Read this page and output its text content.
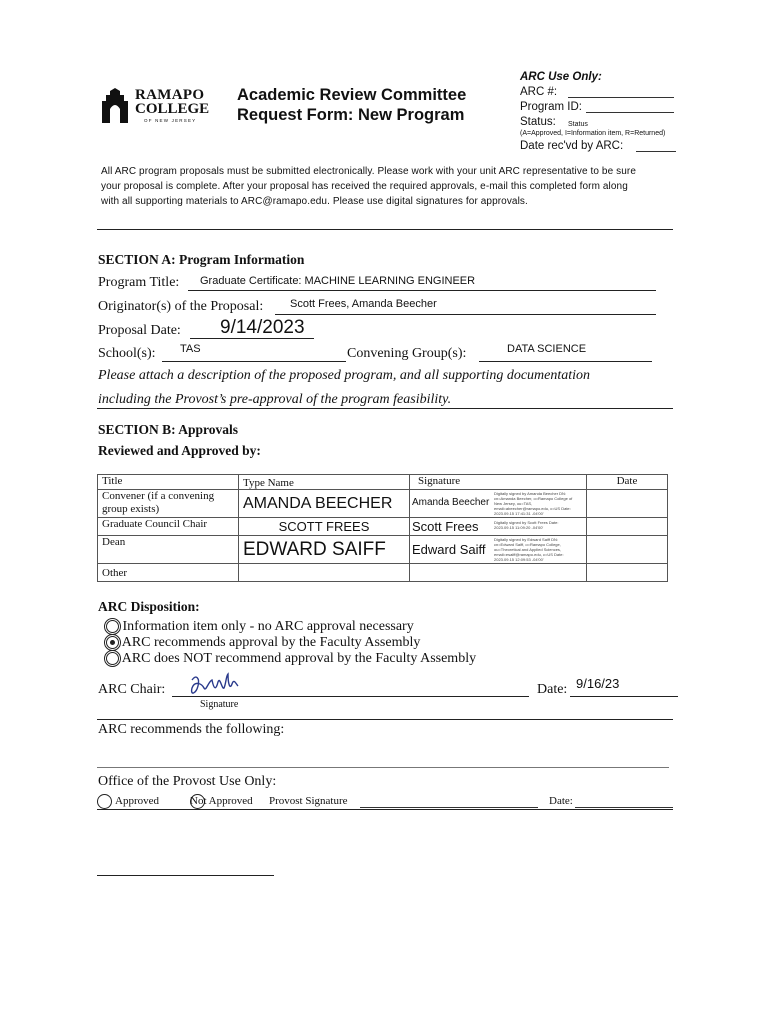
RAMAPO
COLLEGE
OF NEW JERSEY
Academic Review Committee
Request Form: New Program
ARC Use Only:
ARC #:
Program ID:
Status: Status
(A=Approved, I=Information item, R=Returned)
Date rec'vd by ARC:
All ARC program proposals must be submitted electronically. Please work with your unit ARC representative to be sure
your proposal is complete. After your proposal has received the required approvals, e-mail this completed form along
with all supporting materials to ARC@ramapo.edu. Please use digital signatures for approvals.
SECTION A: Program Information
Program Title: Graduate Certificate: MACHINE LEARNING ENGINEER
Originator(s) of the Proposal: Scott Frees, Amanda Beecher
Proposal Date: 9/14/2023
School(s): TAS	Convening Group(s):	DATA SCIENCE
Please attach a description of the proposed program, and all supporting documentation
including the Provost’s pre-approval of the program feasibility.
SECTION B: Approvals
Reviewed and Approved by:
Title	Type Name	Signature	Date
Convener (if a convening group exists)	AMANDA BEECHER	Amanda Beecher
Digitally signed by Amanda Beecher DN: cn=Amanda Beecher, o=Ramapo College of New Jersey, ou=TAS, email=abeecher@ramapo.edu, c=US Date: 2023.09.15 17:41:31 -04'00'	

Graduate Council Chair	SCOTT FREES	Scott Frees Digitally signed by Scott Frees Date: 2023.09.15 11:09:20 -04'00'	

Dean	EDWARD SAIFF	Edward Saiff
Digitally signed by Edward Saiff DN: cn=Edward Saiff, o=Ramapo College, ou=Theoretical and Applied Sciences, email=esaiff@ramapo.edu, c=US Date: 2023.09.15 12:09:53 -04'00'	

Other			
ARC Disposition:
Information item only - no ARC approval necessary
ARC recommends approval by the Faculty Assembly
ARC does NOT recommend approval by the Faculty Assembly
ARC Chair:
Signature
Date: 9/16/23
ARC recommends the following:
Office of the Provost Use Only:

Approved	Not Approved Provost Signature	Date:
